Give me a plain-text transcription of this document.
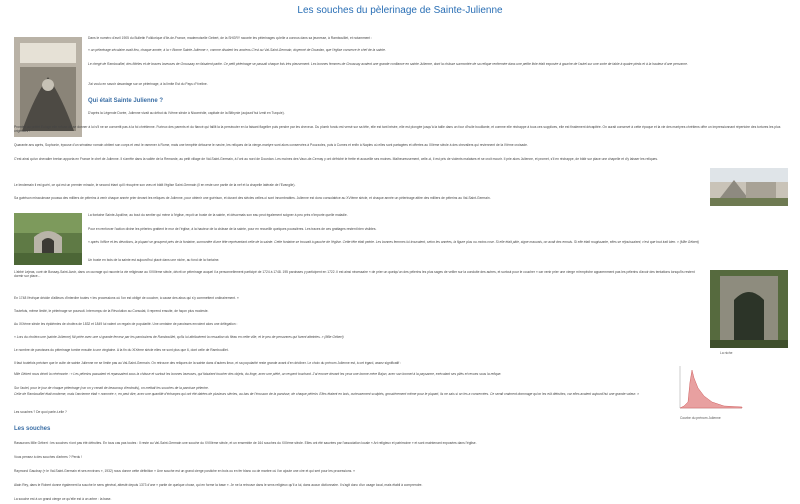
Les souches du pèlerinage de Sainte-Julienne
Dans le numéro d'avril 1905 du Bulletin Folklorique d'Ile-de-France, mademoiselle Gebert, de la SHGRY raconte les pèlerinages qu'elle a connus dans sa jeunesse, à Rambouillet, et notamment :
« un pèlerinage séculaire avait lieu, chaque année, à la « Bonne Sainte-Julienne », comme disaient les anciens.C'est au Val-Saint-Germain, doyenné de Dourdan, que l'église conserve le chef de la sainte.
Le clergé de Rambouillet, des fidèles et de braves laveuses de Grousaay en faisaient partie. Ce petit pèlerinage se passait chaque fois très pieusement. Les bonnes femmes de Groussay avaient une grande confiance en sainte Julienne, dont la châsse surmontée de sa relique renfermée dans une petite fiole était exposée à gauche de l'autel sur une sorte de table à quatre pieds et à la hauteur d'une personne.
J'ai voulu en savoir davantage sur ce pèlerinage, à la limite Est du Pays d'Yveline.
Qui était Sainte Julienne ?
D'après la Légende Dorée, Julienne vivait au début du IVème siècle à Nicomédie, capitale de la Bithynie (aujourd'hui Izmit en Turquie).
Promise au préfet Euloge elle refuse de se donner à lui s'il ne se convertit pas à la foi chrétienne. Furieux des parents et du fiancé qui faillit la la persécuter en la faisant flageller puis pendre par les cheveux. Du plomb fondu est versé sur sa tête, elle est tant brisée, elle est plongée jusqu'à la taille dans un four d'huile bouillante, et comme elle réchappe à tous ces supplices, elle est finalement décapitée. On aurait conservé à cette époque et la vie des martyres chrétiens offre un impressionnant répertoire des tortures les plus originales !
Quarante ans après, Sophonie, épouse d'un sénateur romain obtient son corps et veut le ramener à Rome, mais une tempête détourne le navire, les reliques de la vierge-martyre sont alors conservées à Pouzzoles, puis à Cumes et enfin à Naples où elles sont partagées et offertes au XIIème siècle à des chevaliers qui reviennent de la IVème croisade.
C'est ainsi qu'un chevalier breton apporta en France le chef de Julienne. Il s'arrête dans la vallée de la Remarde, au petit village de Val-Saint-Germain, à l'ont au nord de Dourdan. Les moines des Vaux-de-Cernay y ont défriché le frette et accueille ses moines. Malheureusement, celle-ci, il est pris de violents malaises et se croit mourir. Il prie alors Julienne, et promet, s'il en réchappe, de bâtir sur place une chapelle et d'y laisser les reliques.
Le lendemain il est guéri, ce qui est un premier miracle, le second étant qu'il récupère son vœu et bâtit l'église Saint-Germain (il en reste une partie de la nef et la chapelle latérale de l'Evangile).
Sa guérison miraculeuse poussa des milliers de pèlerins à venir chaque année prier devant les reliques de Julienne, pour obtenir une guérison, et durant des siècles celles-ci sont innombrables. Julienne est donc consolatrice au XVIème siècle, et chaque année un pèlerinage attire des milliers de pèlerins au Val-Saint-Germain.
La fontaine Sainte-Apolline, au bout du sentier qui mène à l'église, reçoit un buste de la sainte, et désormais son eau peut également soigner à peu près n'importe quelle maladie.
Pour en renforcer l'action divine les pèlerins grattent le mur de l'église, à la hauteur de la châsse de la sainte, pour en recueillir quelques poussières. Les traces de ces grattages restent bien visibles.
« après l'office et les dévotions, la plupart se groupent près de la fontaine, surmontée d'une tête représentant celle de la sainte. Cette fontaine se trouvait à gauche de l'église. Cette tête était peinte. Les bonnes femmes lui trouvaient, selon les années, la figure plus ou moins rose. Si elle était pâle, signe mauvais, on avait des ennuis. Si elle était rougissante, elles se réjouissaient, c'est que tout irait bien. » (Mlle Gébert)
Un buste en bois de la sainte est aujourd'hui placé dans une niche, au fond de la fontaine.
L'abbé Lejeas, curé de Bossay-Saint-Avoir, dans un ouvrage qui raconte la vie religieuse au XVIIIème siècle, décrit ce pèlerinage auquel il a personnellement participé de 1724 à 1748. 195 paroisses y participent en 1722. Il est ainsi nécessaire « de prier un quelqu'un des pèlerins les plus sages de veiller sur la conduite des autres, et surtout pour le coucher » car venir prier une vierge m'empêche apparemment pas les pèlerins d'avoir des tentations lorsqu'ils restent dormir sur place...
La niche
En 1748 l'évêque décide d'ailleurs d'interdire toutes « les processions où l'on est obligé de coucher, à cause des abus qui s'y commettent ordinairement. »
Toutefois, même limité, le pèlerinage se poursuit. Interrompu de la Révolution au Consulat, il reprend ensuite, de façon plus modeste.
Au XIXème siècle les épidémies de choléra de 1832 et 1849 lui valent un regain de popularité. Une centaine de paroisses envoient alors une délégation :
« Lors du choléra une (sainte Julienne) fût priée avec une si grande ferveur par les paroissiens de Rambouillet, qu'ils lui attribuèrent la cessation du fléau en cette ville, et le peu de personnes qui furent atteintes. » (Mlle Gébert)
Le nombre de paroisses du pèlerinage tombe ensuite à une vingtaine. A la fin du XIXème siècle elles ne sont plus que 6, dont celle de Rambouillet.
Il faut toutefois préciser que le culte de sainte Julienne ne se limite pas au Val-Saint-Germain. On retrouve des reliques de la sainte dans d'autres lieux, et sa popularité reste grande avant d'en décliner. Le choix du prénom Julienne est, à cet égard, assez significatif :
Courbe du prénom Julienne
Mlle Gébert nous décrit la cérémonie : « Les pèlerins passaient et repassaient sous la châsse et surtout les bonnes laveuses, qui faisaient toucher des objets, du linge, avec une piété, un respect touchant. J'ai encore devant les yeux une bonne mère Bajon, avec son bonnet à la paysanne, exécutant ses pliés et revues sous la relique.
Sur l'autel, pour le jour de chaque pèlerinage (car on y venait de beaucoup d'endroits), on mettait les souches de la paroisse pèlerine.
Celle de Rambouillet était moderne, mais l'ancienne était « nommée », en peut dire, avec une quantité d'écharpes qui ont été datées de plusieurs siècles, au bas de l'écusson de la paroisse, de chaque pèlerin. Elles étaient en bois, curieusement sculptés, grossièrement même pour le plupart, ils ne sais si on les a conservées. Ce serait vraiment dommage qu'on les eût détruites, car elles avaient aujourd'hui une grande valeur. »
Les souches ? De quoi parle-t-elle ?
Les souches
Rassurons Mlle Gébert : les souches n'ont pas été détruites. En tous cas pas toutes : Il reste au Val-Saint-Germain une souche du XVIIIème siècle, et un ensemble de 164 souches du XIXème siècle. Elles ont été sauvées par l'association locale « Art religieux et patrimoine » et sont maintenant exposées dans l'église.
Vous pensez à des souches d'arbres ? Perdu !
Raymond Gaudray (« le Val-Saint-Germain et ses environs », 1932) nous donne cette définition « Une souche est un grand cierge postiche en bois ou en fer blanc ou de marbre où l'on ajoute une cire et qui sert pour les processions. »
Alain Rey, dans le Robert donne également la souche le sens général, attesté depuis 1373 d'une « partie de quelque chose, qui en forme la base ». Je ne la retrouve dans le sens religieux qu'il a lui, dans aucun dictionnaire. Il s'agit donc d'un usage local, mais établi à comprendre.
La souche est à un grand cierge ce qu'elle est à un arbre : la base.
